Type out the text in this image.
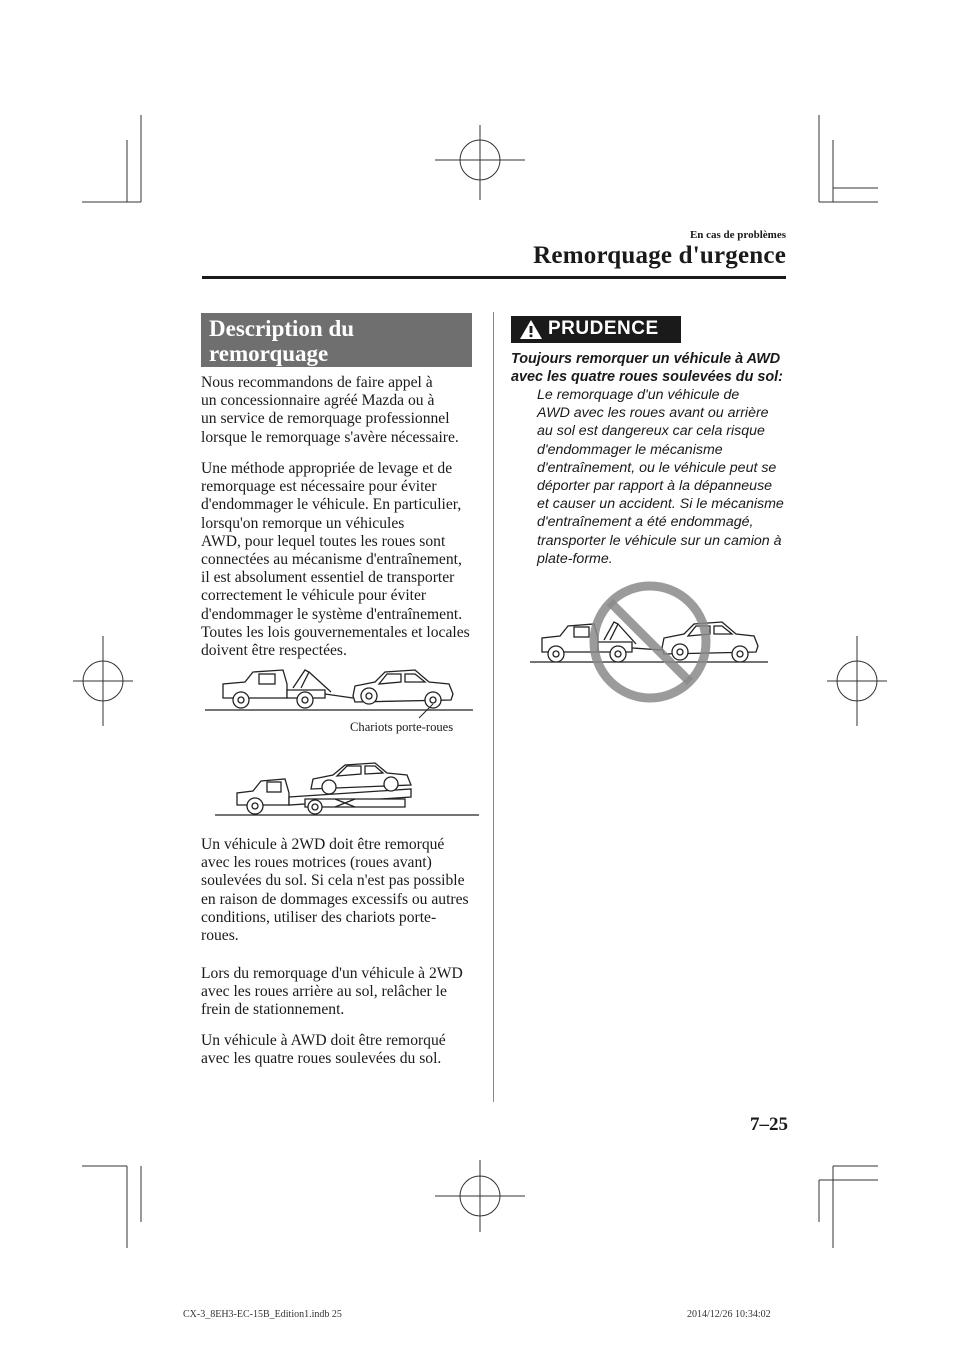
En cas de problèmes
Remorquage d'urgence
Description du
remorquage
Nous recommandons de faire appel à
un concessionnaire agréé Mazda ou à
un service de remorquage professionnel
lorsque le remorquage s'avère nécessaire.
Une méthode appropriée de levage et de
remorquage est nécessaire pour éviter
d'endommager le véhicule. En particulier,
lorsqu'on remorque un véhicules
AWD, pour lequel toutes les roues sont
connectées au mécanisme d'entraînement,
il est absolument essentiel de transporter
correctement le véhicule pour éviter
d'endommager le système d'entraînement.
Toutes les lois gouvernementales et locales
doivent être respectées.
Chariots porte-roues
Un véhicule à 2WD doit être remorqué
avec les roues motrices (roues avant)
soulevées du sol. Si cela n'est pas possible
en raison de dommages excessifs ou autres
conditions, utiliser des chariots porte-
roues.
Lors du remorquage d'un véhicule à 2WD
avec les roues arrière au sol, relâcher le
frein de stationnement.
Un véhicule à AWD doit être remorqué
avec les quatre roues soulevées du sol.
PRUDENCE
Toujours remorquer un véhicule à AWD
avec les quatre roues soulevées du sol:
Le remorquage d'un véhicule de
AWD avec les roues avant ou arrière
au sol est dangereux car cela risque
d'endommager le mécanisme
d'entraînement, ou le véhicule peut se
déporter par rapport à la dépanneuse
et causer un accident. Si le mécanisme
d'entraînement a été endommagé,
transporter le véhicule sur un camion à
plate-forme.
7–25
CX-3_8EH3-EC-15B_Edition1.indb 25	2014/12/26 10:34:02
